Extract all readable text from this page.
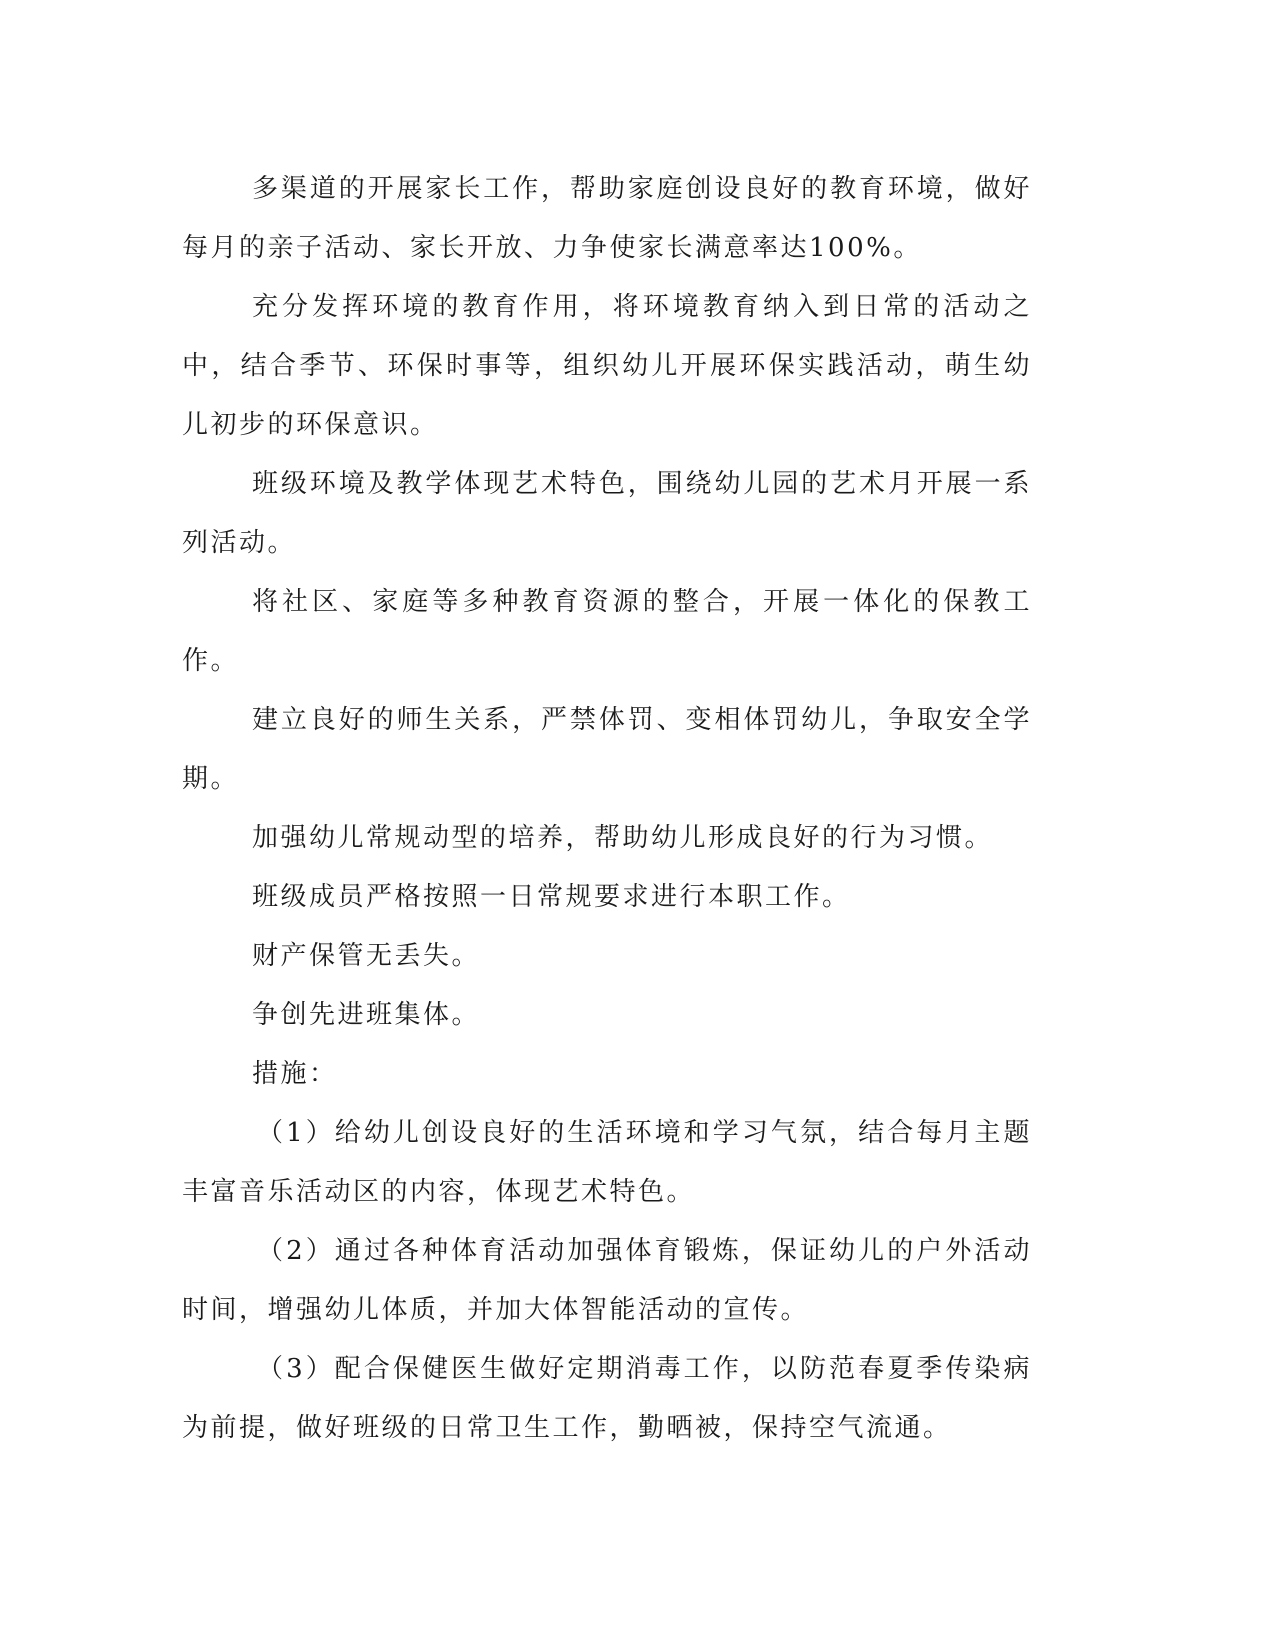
多渠道的开展家长工作，帮助家庭创设良好的教育环境，做好每月的亲子活动、家长开放、力争使家长满意率达100%。

充分发挥环境的教育作用，将环境教育纳入到日常的活动之中，结合季节、环保时事等，组织幼儿开展环保实践活动，萌生幼儿初步的环保意识。

班级环境及教学体现艺术特色，围绕幼儿园的艺术月开展一系列活动。

将社区、家庭等多种教育资源的整合，开展一体化的保教工作。

建立良好的师生关系，严禁体罚、变相体罚幼儿，争取安全学期。

加强幼儿常规动型的培养，帮助幼儿形成良好的行为习惯。

班级成员严格按照一日常规要求进行本职工作。

财产保管无丢失。

争创先进班集体。

措施：

（1）给幼儿创设良好的生活环境和学习气氛，结合每月主题丰富音乐活动区的内容，体现艺术特色。

（2）通过各种体育活动加强体育锻炼，保证幼儿的户外活动时间，增强幼儿体质，并加大体智能活动的宣传。

（3）配合保健医生做好定期消毒工作，以防范春夏季传染病为前提，做好班级的日常卫生工作，勤晒被，保持空气流通。
